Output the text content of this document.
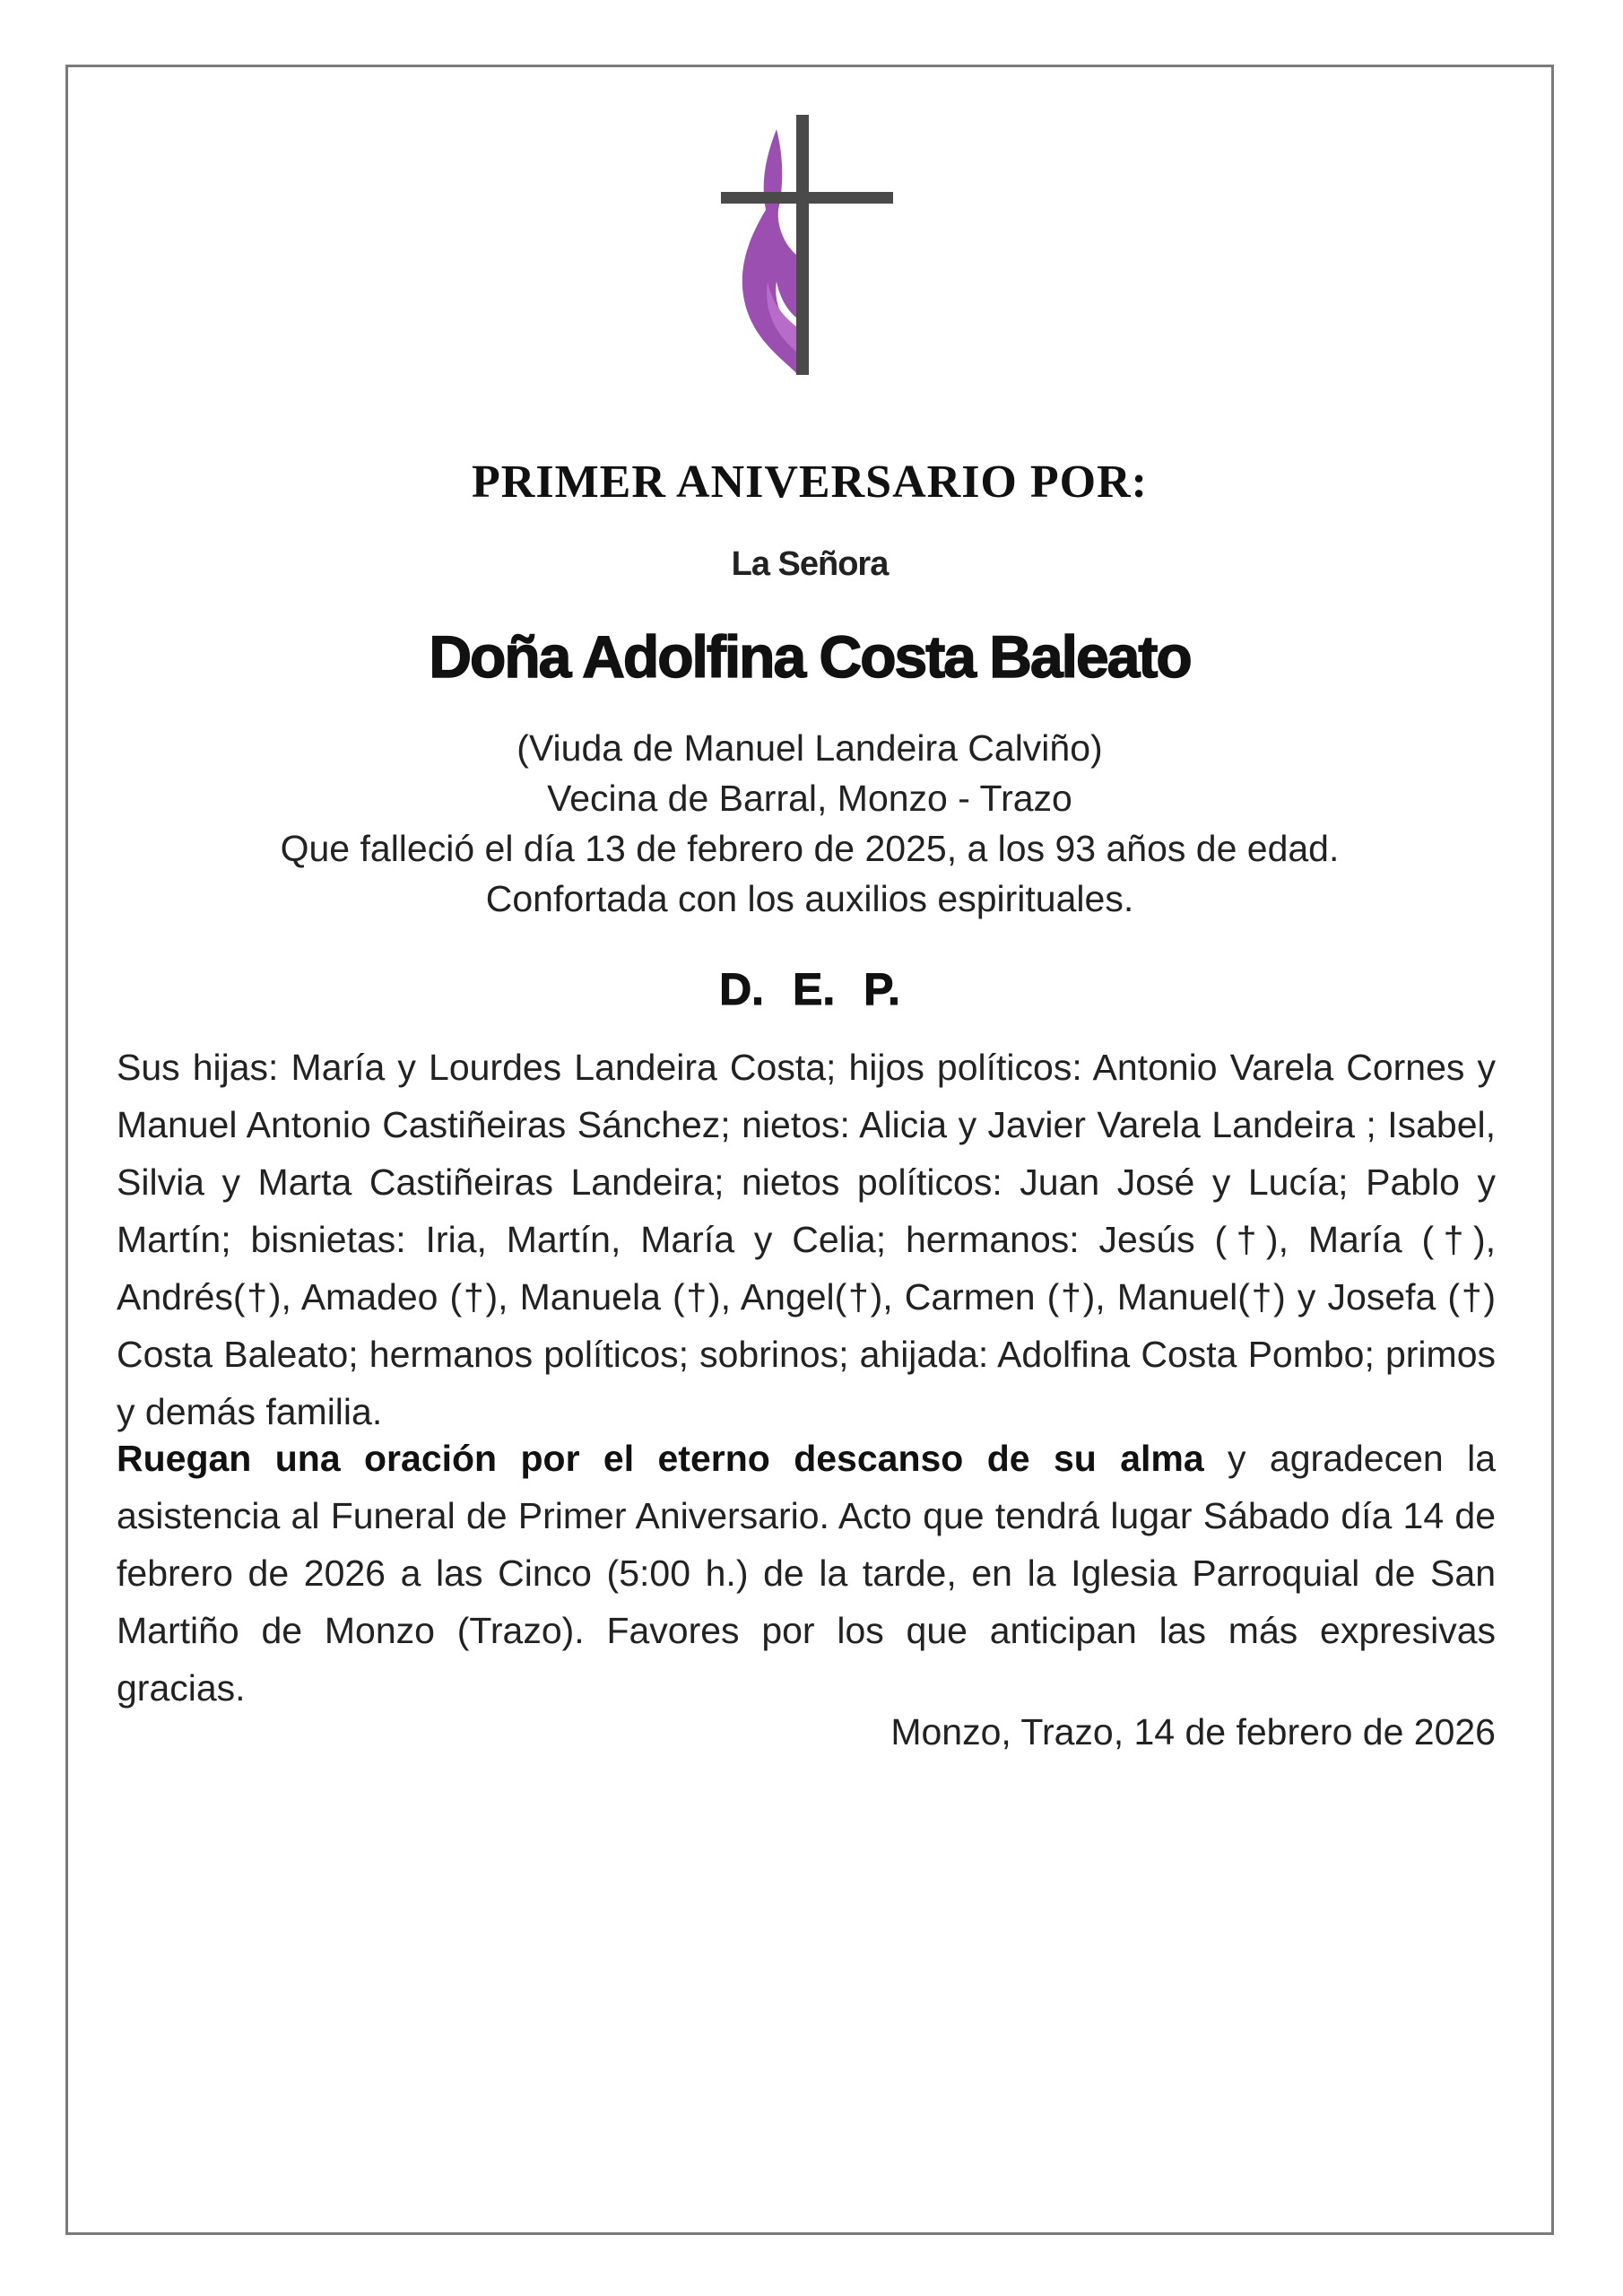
PRIMER ANIVERSARIO POR:
La Señora
Doña Adolfina Costa Baleato
(Viuda de Manuel Landeira Calviño)
Vecina de Barral, Monzo - Trazo
Que falleció el día 13 de febrero de 2025, a los 93 años de edad.
Confortada con los auxilios espirituales.
D. E. P.
Sus hijas: María y Lourdes Landeira Costa; hijos políticos: Antonio Varela Cornes y Manuel Antonio Castiñeiras Sánchez; nietos: Alicia y Javier Varela Landeira ; Isabel, Silvia y Marta Castiñeiras Landeira; nietos políticos: Juan José y Lucía; Pablo y Martín; bisnietas: Iria, Martín, María y Celia; hermanos: Jesús (†), María (†), Andrés(†), Amadeo (†), Manuela (†), Angel(†), Carmen (†), Manuel(†) y Josefa (†) Costa Baleato; hermanos políticos; sobrinos; ahijada: Adolfina Costa Pombo; primos y demás familia.
Ruegan una oración por el eterno descanso de su alma y agradecen la asistencia al Funeral de Primer Aniversario. Acto que tendrá lugar Sábado día 14 de febrero de 2026 a las Cinco (5:00 h.) de la tarde, en la Iglesia Parroquial de San Martiño de Monzo (Trazo). Favores por los que anticipan las más expresivas gracias.
Monzo, Trazo, 14 de febrero de 2026
